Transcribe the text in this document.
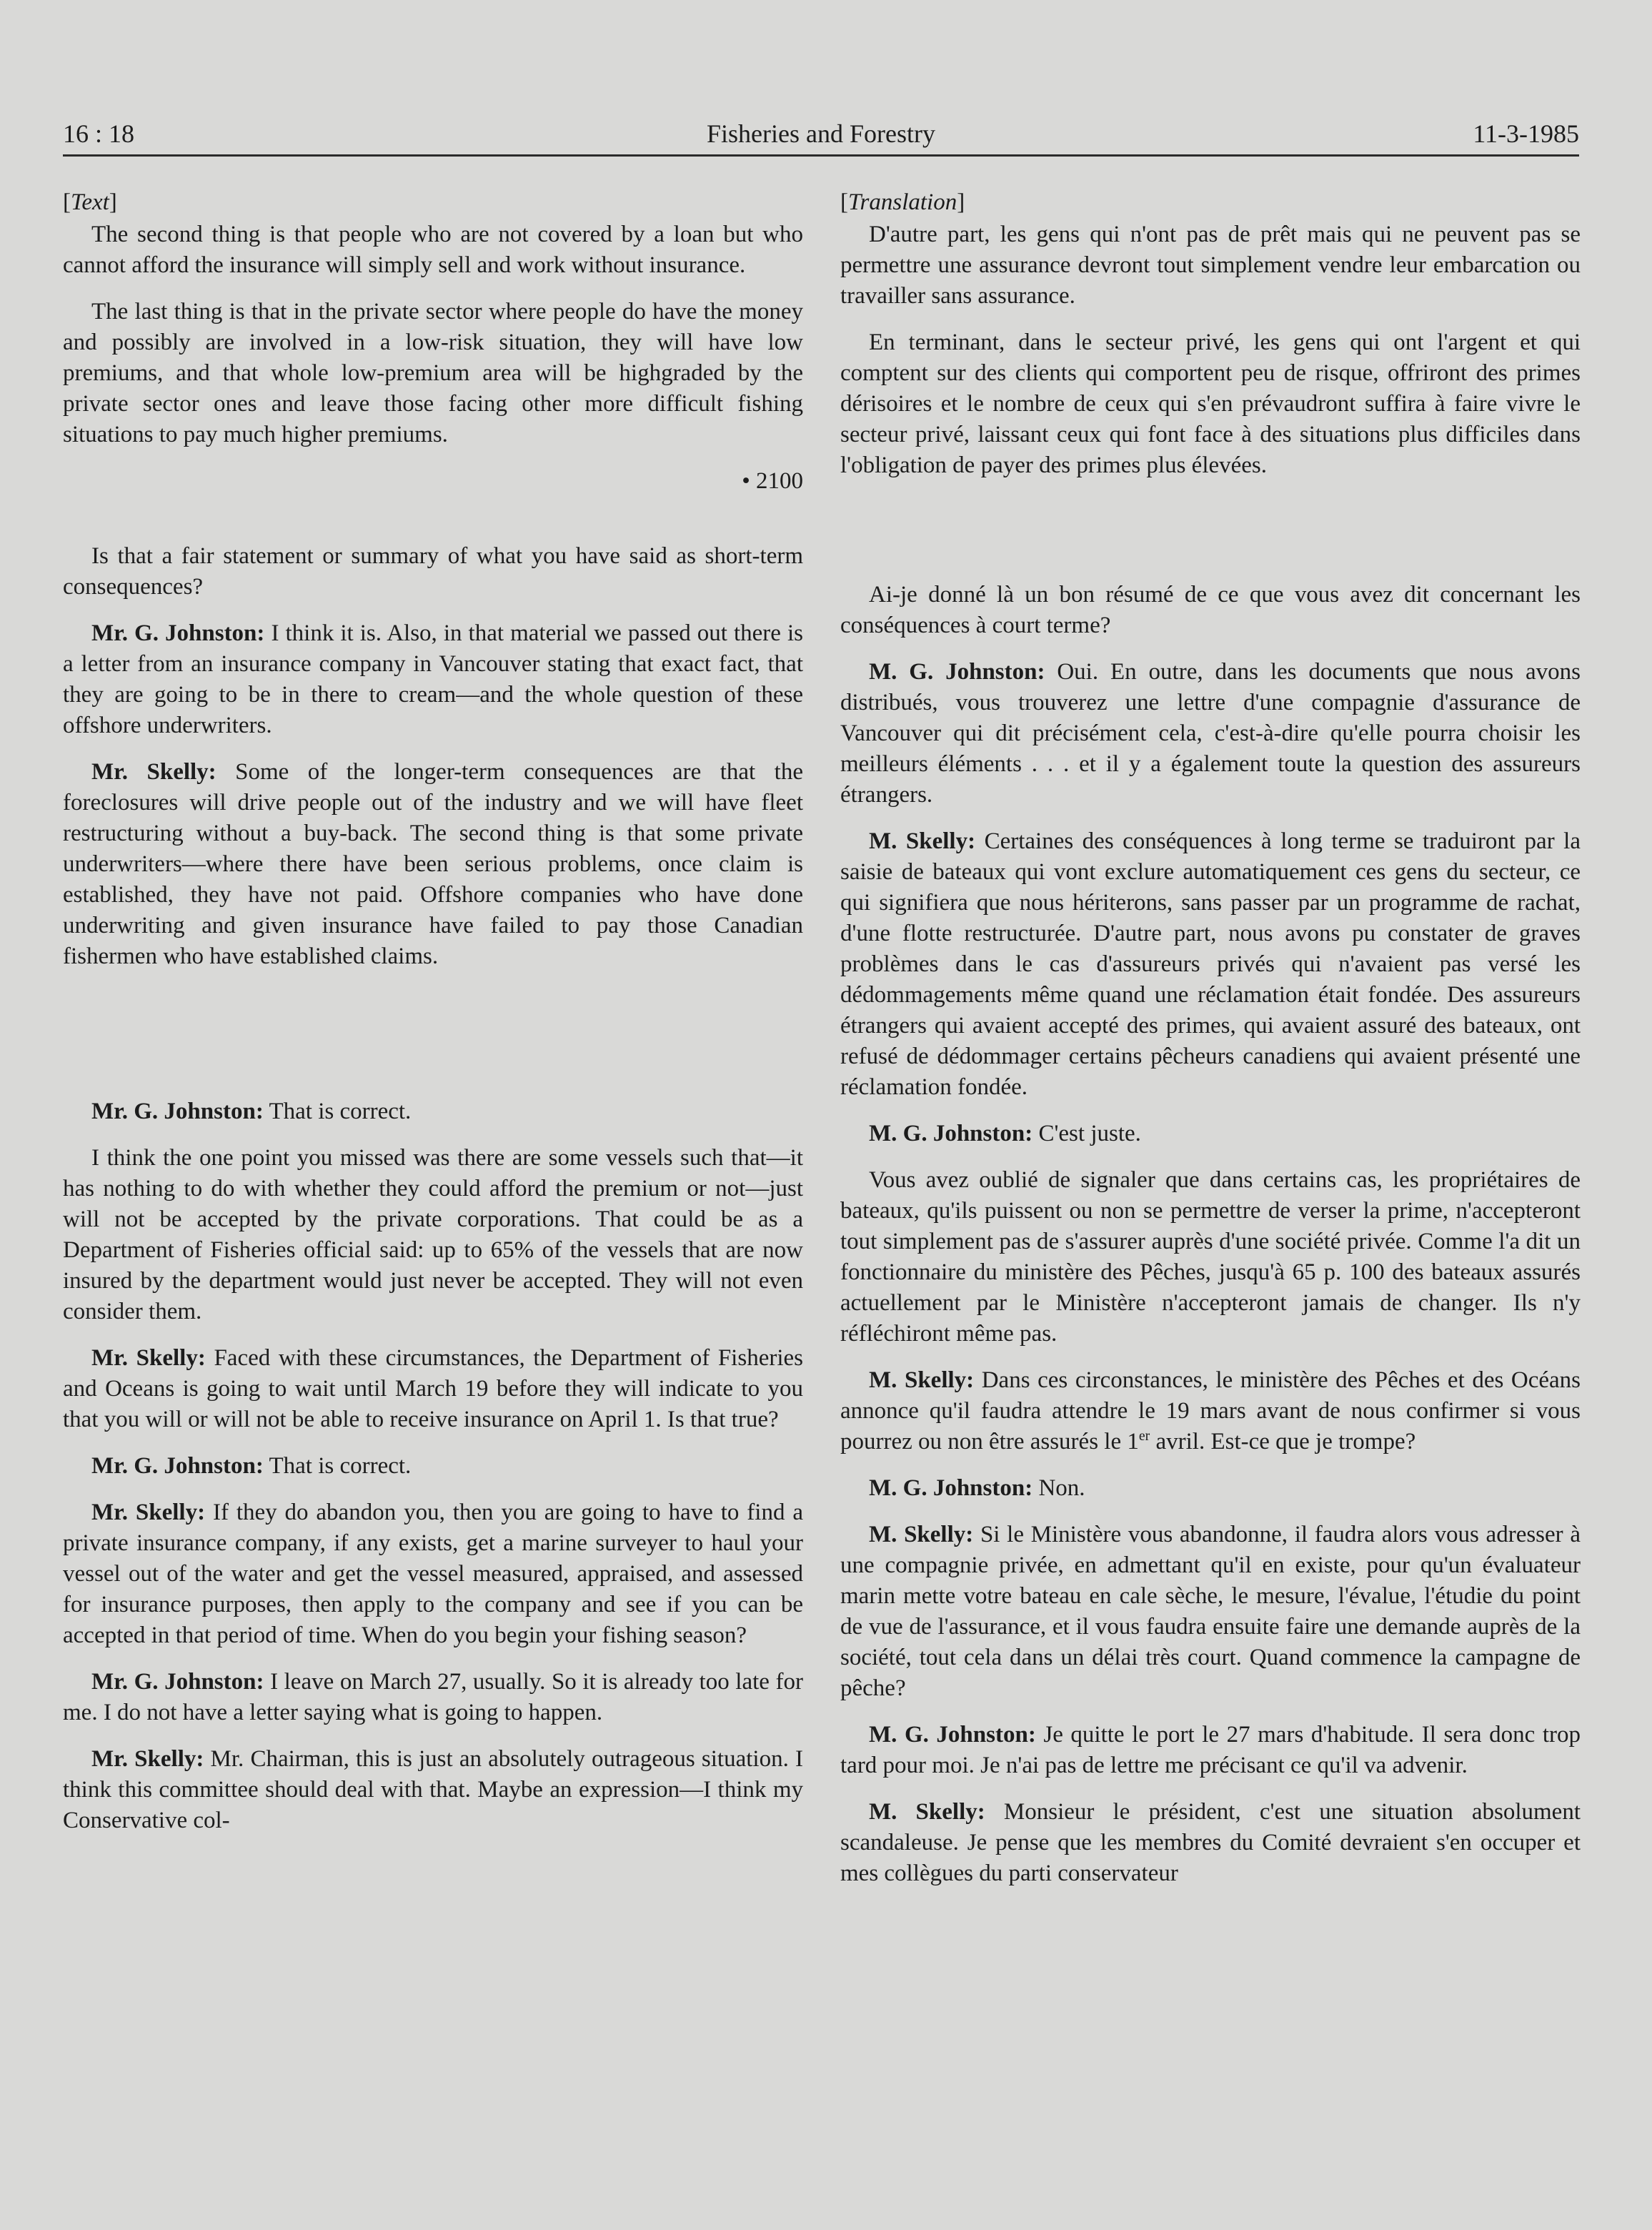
16 : 18	Fisheries and Forestry	11-3-1985
[Text]

The second thing is that people who are not covered by a loan but who cannot afford the insurance will simply sell and work without insurance.

The last thing is that in the private sector where people do have the money and possibly are involved in a low-risk situation, they will have low premiums, and that whole low-premium area will be highgraded by the private sector ones and leave those facing other more difficult fishing situations to pay much higher premiums.

• 2100

Is that a fair statement or summary of what you have said as short-term consequences?

Mr. G. Johnston: I think it is. Also, in that material we passed out there is a letter from an insurance company in Vancouver stating that exact fact, that they are going to be in there to cream—and the whole question of these offshore underwriters.

Mr. Skelly: Some of the longer-term consequences are that the foreclosures will drive people out of the industry and we will have fleet restructuring without a buy-back. The second thing is that some private underwriters—where there have been serious problems, once claim is established, they have not paid. Offshore companies who have done underwriting and given insurance have failed to pay those Canadian fishermen who have established claims.

Mr. G. Johnston: That is correct.

I think the one point you missed was there are some vessels such that—it has nothing to do with whether they could afford the premium or not—just will not be accepted by the private corporations. That could be as a Department of Fisheries official said: up to 65% of the vessels that are now insured by the department would just never be accepted. They will not even consider them.

Mr. Skelly: Faced with these circumstances, the Department of Fisheries and Oceans is going to wait until March 19 before they will indicate to you that you will or will not be able to receive insurance on April 1. Is that true?

Mr. G. Johnston: That is correct.

Mr. Skelly: If they do abandon you, then you are going to have to find a private insurance company, if any exists, get a marine surveyer to haul your vessel out of the water and get the vessel measured, appraised, and assessed for insurance purposes, then apply to the company and see if you can be accepted in that period of time. When do you begin your fishing season?

Mr. G. Johnston: I leave on March 27, usually. So it is already too late for me. I do not have a letter saying what is going to happen.

Mr. Skelly: Mr. Chairman, this is just an absolutely outrageous situation. I think this committee should deal with that. Maybe an expression—I think my Conservative col-

[Translation]

D'autre part, les gens qui n'ont pas de prêt mais qui ne peuvent pas se permettre une assurance devront tout simplement vendre leur embarcation ou travailler sans assurance.

En terminant, dans le secteur privé, les gens qui ont l'argent et qui comptent sur des clients qui comportent peu de risque, offriront des primes dérisoires et le nombre de ceux qui s'en prévaudront suffira à faire vivre le secteur privé, laissant ceux qui font face à des situations plus difficiles dans l'obligation de payer des primes plus élevées.

Ai-je donné là un bon résumé de ce que vous avez dit concernant les conséquences à court terme?

M. G. Johnston: Oui. En outre, dans les documents que nous avons distribués, vous trouverez une lettre d'une compagnie d'assurance de Vancouver qui dit précisément cela, c'est-à-dire qu'elle pourra choisir les meilleurs éléments . . . et il y a également toute la question des assureurs étrangers.

M. Skelly: Certaines des conséquences à long terme se traduiront par la saisie de bateaux qui vont exclure automatiquement ces gens du secteur, ce qui signifiera que nous hériterons, sans passer par un programme de rachat, d'une flotte restructurée. D'autre part, nous avons pu constater de graves problèmes dans le cas d'assureurs privés qui n'avaient pas versé les dédommagements même quand une réclamation était fondée. Des assureurs étrangers qui avaient accepté des primes, qui avaient assuré des bateaux, ont refusé de dédommager certains pêcheurs canadiens qui avaient présenté une réclamation fondée.

M. G. Johnston: C'est juste.

Vous avez oublié de signaler que dans certains cas, les propriétaires de bateaux, qu'ils puissent ou non se permettre de verser la prime, n'accepteront tout simplement pas de s'assurer auprès d'une société privée. Comme l'a dit un fonctionnaire du ministère des Pêches, jusqu'à 65 p. 100 des bateaux assurés actuellement par le Ministère n'accepteront jamais de changer. Ils n'y réfléchiront même pas.

M. Skelly: Dans ces circonstances, le ministère des Pêches et des Océans annonce qu'il faudra attendre le 19 mars avant de nous confirmer si vous pourrez ou non être assurés le 1er avril. Est-ce que je trompe?

M. G. Johnston: Non.

M. Skelly: Si le Ministère vous abandonne, il faudra alors vous adresser à une compagnie privée, en admettant qu'il en existe, pour qu'un évaluateur marin mette votre bateau en cale sèche, le mesure, l'évalue, l'étudie du point de vue de l'assurance, et il vous faudra ensuite faire une demande auprès de la société, tout cela dans un délai très court. Quand commence la campagne de pêche?

M. G. Johnston: Je quitte le port le 27 mars d'habitude. Il sera donc trop tard pour moi. Je n'ai pas de lettre me précisant ce qu'il va advenir.

M. Skelly: Monsieur le président, c'est une situation absolument scandaleuse. Je pense que les membres du Comité devraient s'en occuper et mes collègues du parti conservateur
